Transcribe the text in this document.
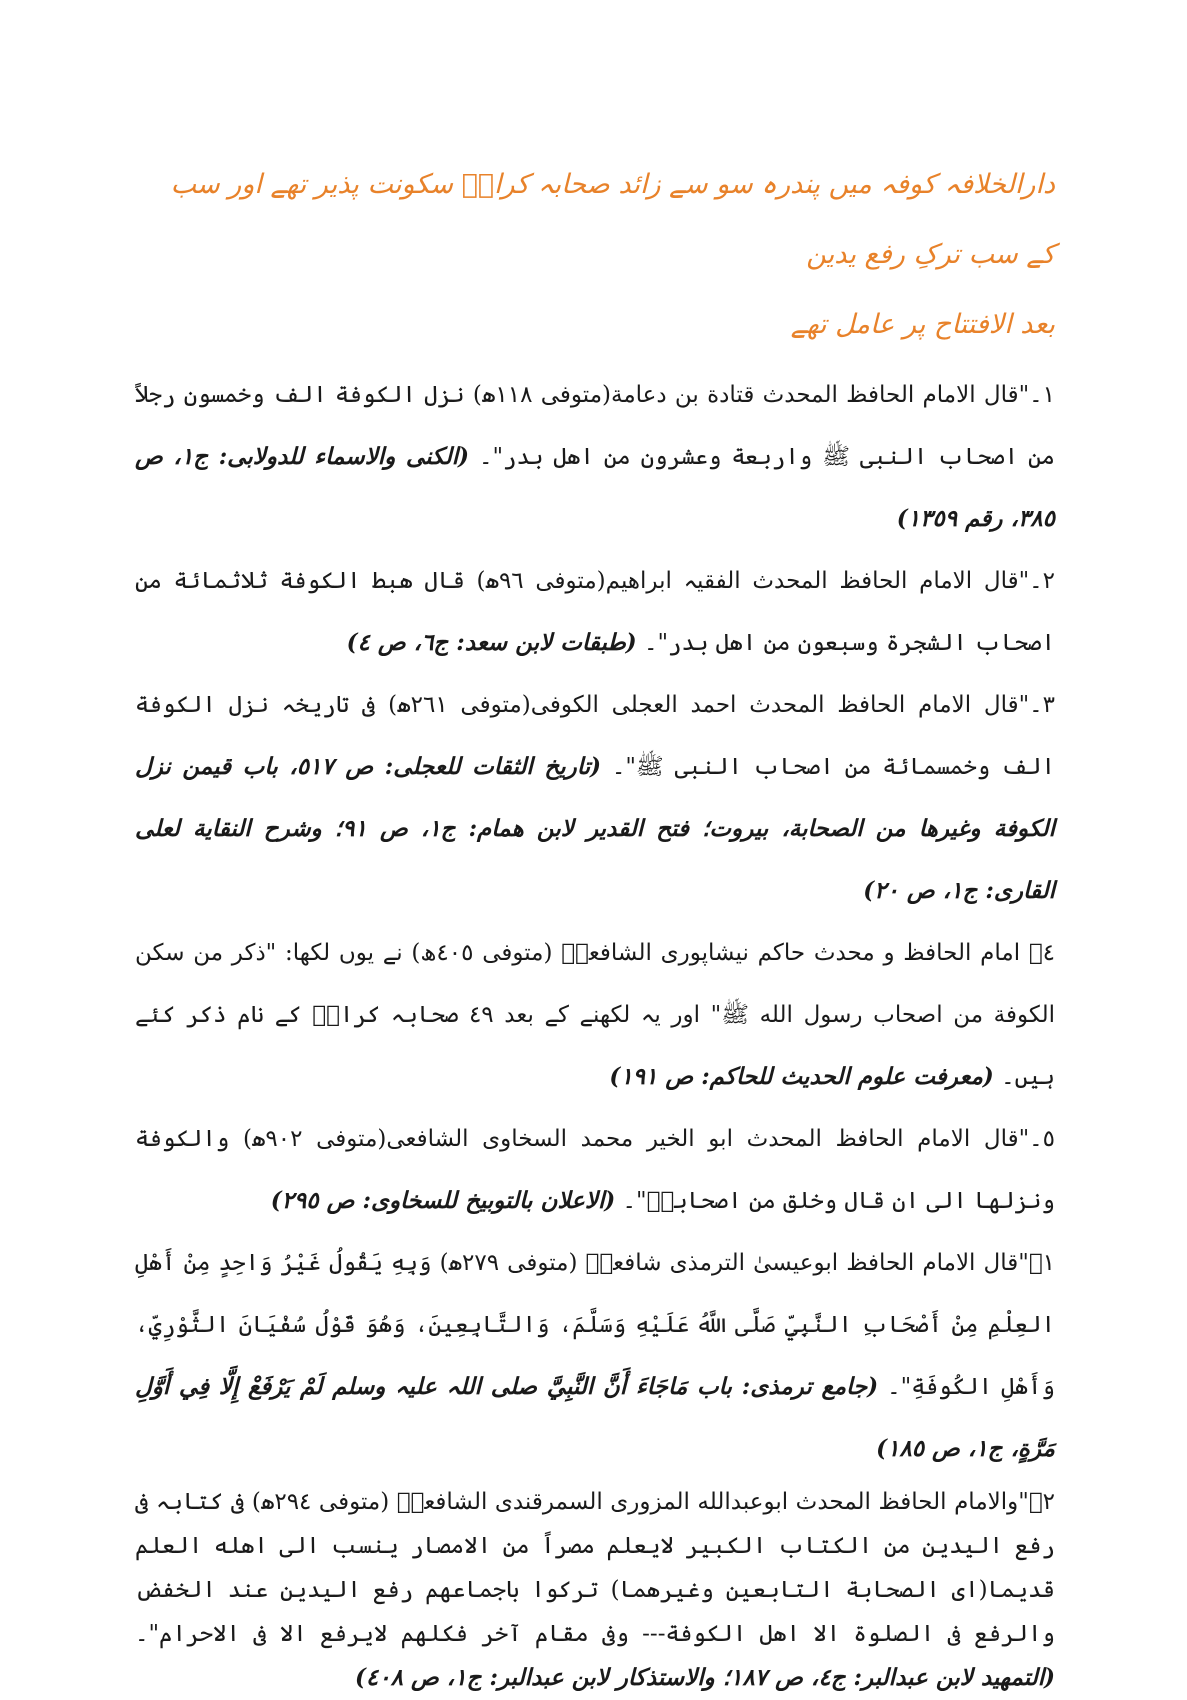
دارالخلافہ کوفہ میں پندرہ سو سے زائد صحابہ کرامؓ سکونت پذیر تھے اور سب کے سب ترکِ رفع یدین
بعد الافتتاح پر عامل تھے

١۔"قال الامام الحافظ المحدث قتادة بن دعامة(متوفی ١١٨ھ) نزل الکوفة الف وخمسون رجلاً من اصحاب النبی ﷺ واربعة وعشرون من اهل بدر"۔ (الکنی والاسماء للدولابی: ج١، ص ٣٨٥، رقم ١٣٥٩)

٢۔"قال الامام الحافظ المحدث الفقیہ ابراهیم(متوفی ٩٦ھ) قال هبط الکوفة ثلاثمائة من اصحاب الشجرة وسبعون من اهل بدر"۔ (طبقات لابن سعد: ج٦، ص ٤)

٣۔"قال الامام الحافظ المحدث احمد العجلی الکوفی(متوفی ٢٦١ھ) فی تاریخہ نزل الکوفة الف وخمسمائة من اصحاب النبی ﷺ"۔ (تاریخ الثقات للعجلی: ص ٥١٧، باب قیمن نزل الکوفة وغیرها من الصحابة، بیروت؛ فتح القدیر لابن همام: ج١، ص ٩١؛ وشرح النقایة لعلی القاری: ج١، ص ٢٠)

٤۔ امام الحافظ و محدث حاکم نیشاپوری الشافعیؒ (متوفی ٤٠٥ھ) نے یوں لکھا: "ذکر من سکن الکوفة من اصحاب رسول الله ﷺ" اور یہ لکھنے کے بعد ٤٩ صحابہ کرامؓ کے نام ذکر کئے ہیں۔ (معرفت علوم الحدیث للحاکم: ص ١٩١)

٥۔"قال الامام الحافظ المحدث ابو الخیر محمد السخاوی الشافعی(متوفی ٩٠٢ھ) والکوفة ونزلها الی ان قال وخلق من اصحابہؓ"۔ (الاعلان بالتوبیخ للسخاوی: ص ٢٩٥)

١۔"قال الامام الحافظ ابوعیسیٰ الترمذی شافعیؒ (متوفی ٢٧٩ھ) وَبِهِ يَقُولُ غَيْرُ وَاحِدٍ مِنْ أَهْلِ العِلْمِ مِنْ أَصْحَابِ النَّبِيِّ صَلَّى اللَّهُ عَلَيْهِ وَسَلَّمَ، وَالتَّابِعِينَ، وَهُوَ قَوْلُ سُفْيَانَ الثَّوْرِيِّ، وَأَهْلِ الكُوفَةِ"۔ (جامع ترمذی: باب مَاجَاءَ أَنَّ النَّبِيَّ صلی اللہ علیہ وسلم لَمْ يَرْفَعْ إِلَّا فِي أَوَّلِ مَرَّةٍ، ج١، ص ١٨٥)

٢۔"والامام الحافظ المحدث ابوعبدالله المزوری السمرقندی الشافعیؒ (متوفی ٢٩٤ھ) فی کتابہ فی رفع الیدین من الکتاب الکبیر لایعلم مصراً من الامصار ینسب الی اهله العلم قدیما(ای الصحابة التابعین وغیرهما) ترکوا باجماعهم رفع الیدین عند الخفض والرفع فی الصلوة الا اهل الکوفة--- وفی مقام آخر فکلهم لایرفع الا فی الاحرام"۔ (التمهید لابن عبدالبر: ج٤، ص ١٨٧؛ والاستذکار لابن عبدالبر: ج١، ص ٤٠٨)
